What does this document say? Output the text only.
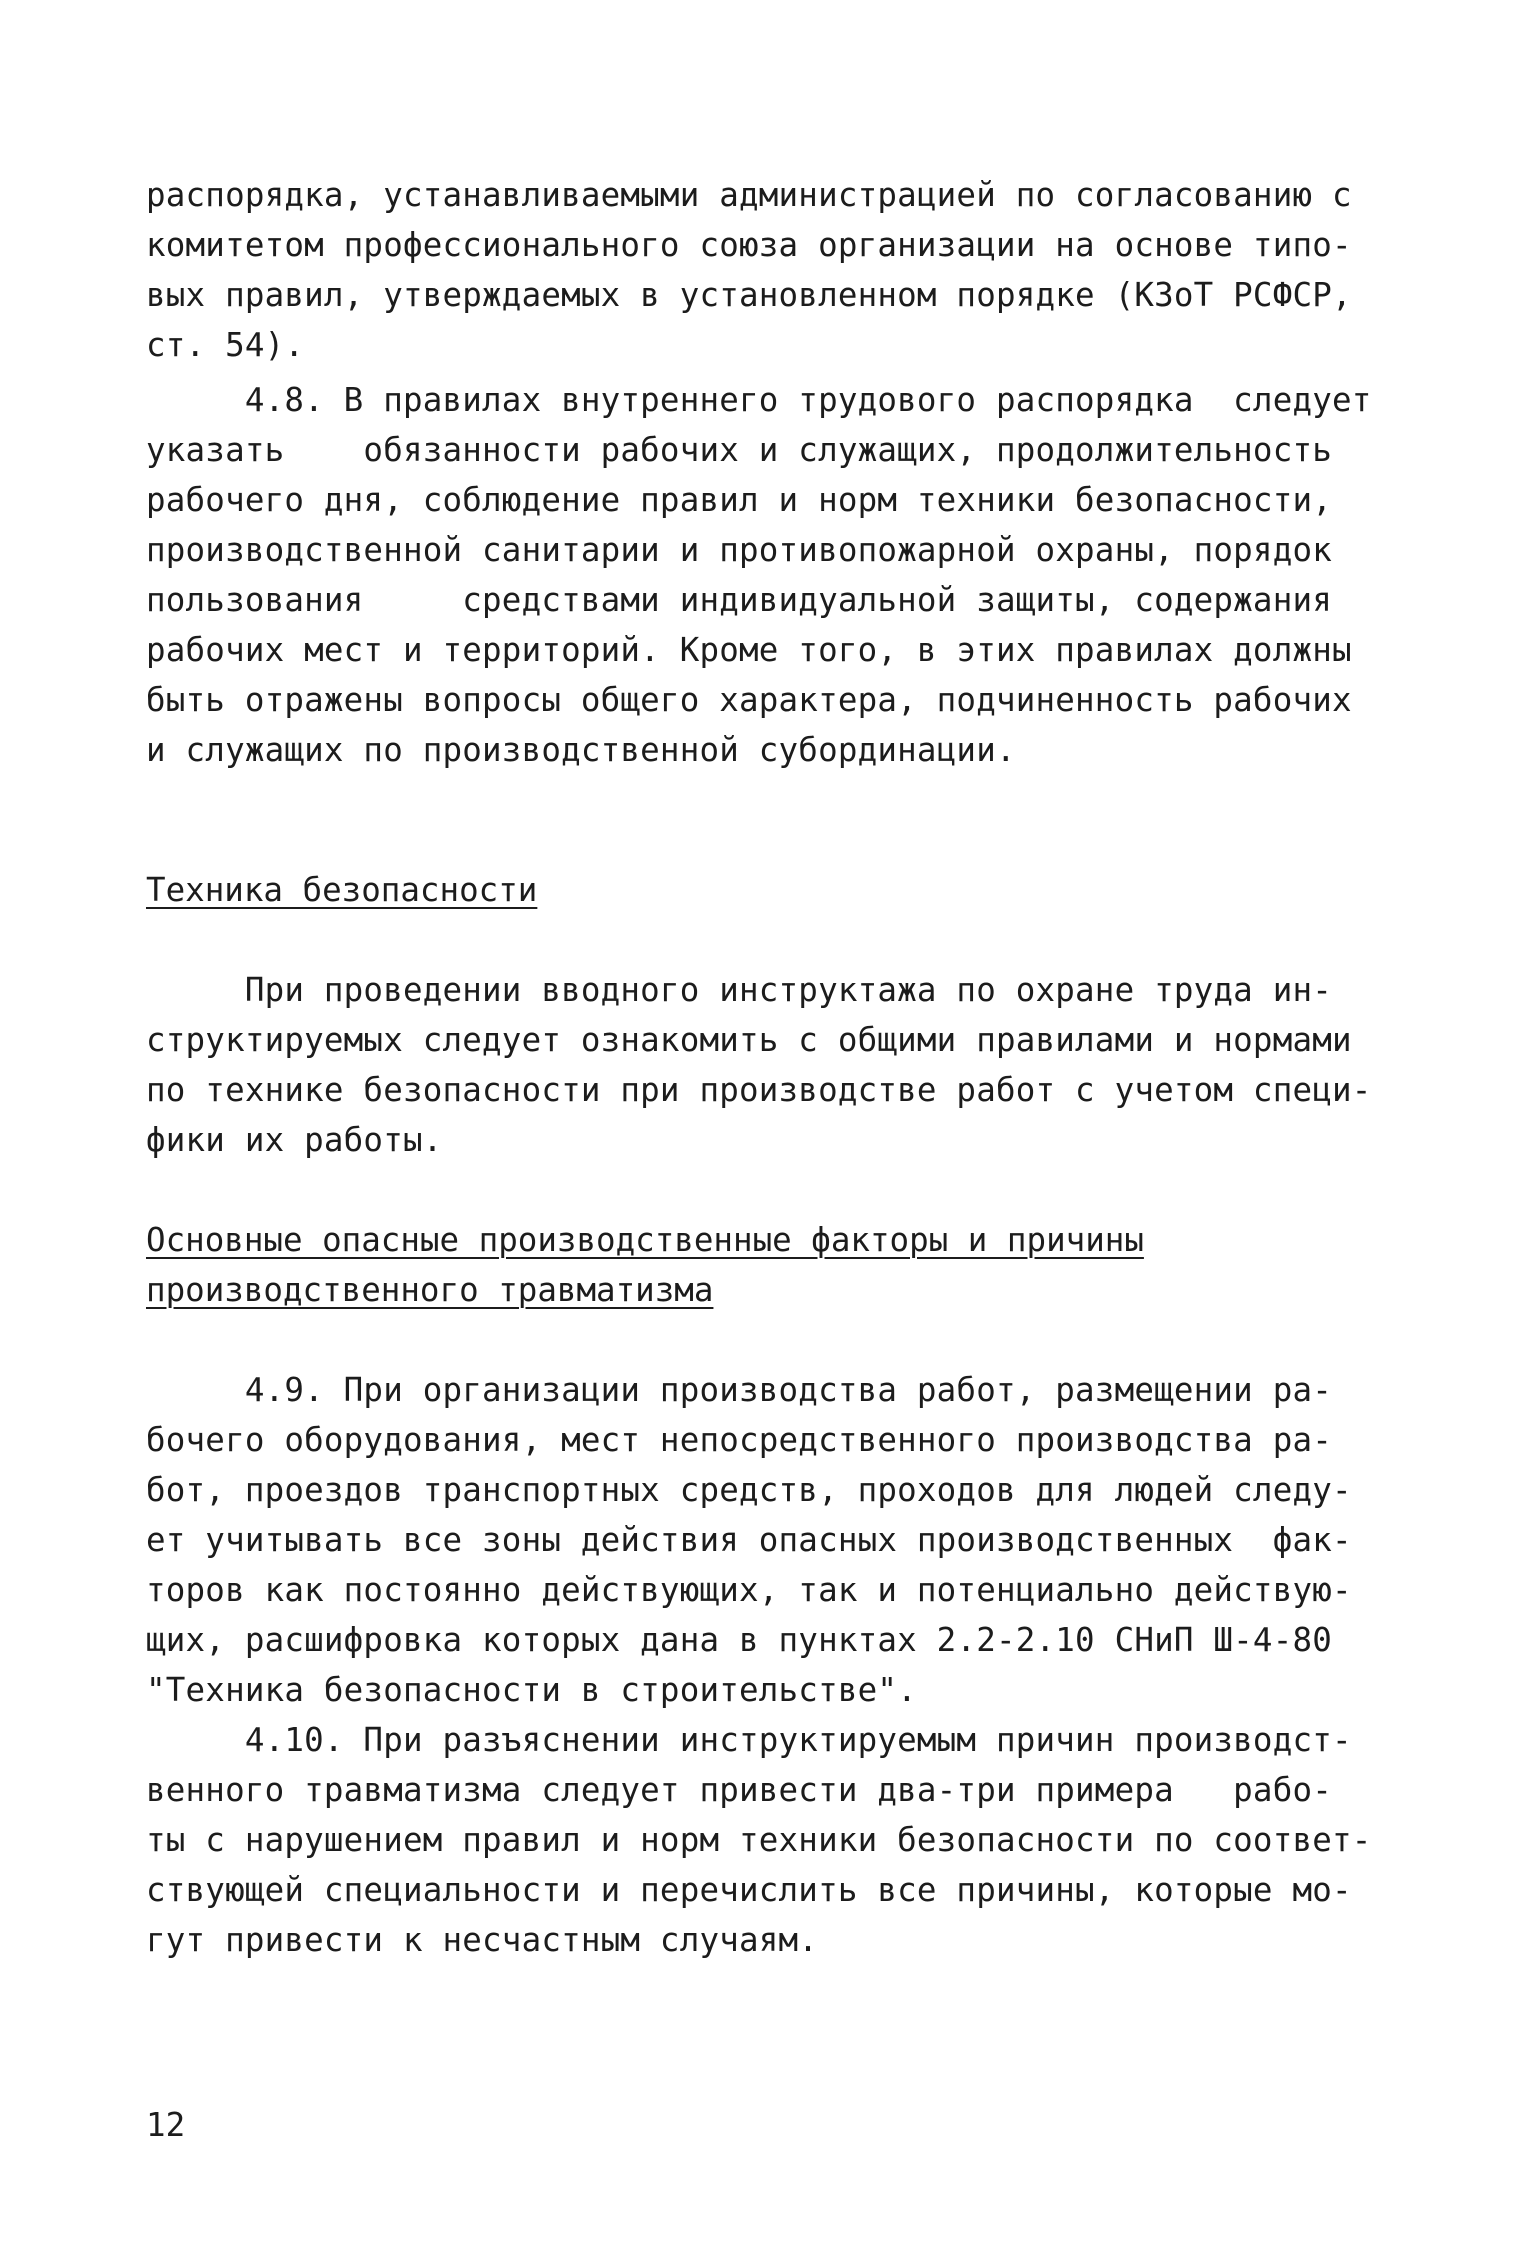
распорядка, устанавливаемыми администрацией по согласованию с
комитетом профессионального союза организации на основе типо-
вых правил, утверждаемых в установленном порядке (КЗоТ РСФСР,
ст. 54).
4.8. В правилах внутреннего трудового распорядка  следует
указать    обязанности рабочих и служащих, продолжительность
рабочего дня, соблюдение правил и норм техники безопасности,
производственной санитарии и противопожарной охраны, порядок
пользования     средствами индивидуальной защиты, содержания
рабочих мест и территорий. Кроме того, в этих правилах должны
быть отражены вопросы общего характера, подчиненность рабочих
и служащих по производственной субординации.
Техника безопасности
При проведении вводного инструктажа по охране труда ин-
структируемых следует ознакомить с общими правилами и нормами
по технике безопасности при производстве работ с учетом специ-
фики их работы.
Основные опасные производственные факторы и причины
производственного травматизма
4.9. При организации производства работ, размещении ра-
бочего оборудования, мест непосредственного производства ра-
бот, проездов транспортных средств, проходов для людей следу-
ет учитывать все зоны действия опасных производственных  фак-
торов как постоянно действующих, так и потенциально действую-
щих, расшифровка которых дана в пунктах 2.2-2.10 СНиП Ш-4-80
"Техника безопасности в строительстве".
4.10. При разъяснении инструктируемым причин производст-
венного травматизма следует привести два-три примера   рабо-
ты с нарушением правил и норм техники безопасности по соответ-
ствующей специальности и перечислить все причины, которые мо-
гут привести к несчастным случаям.
12
